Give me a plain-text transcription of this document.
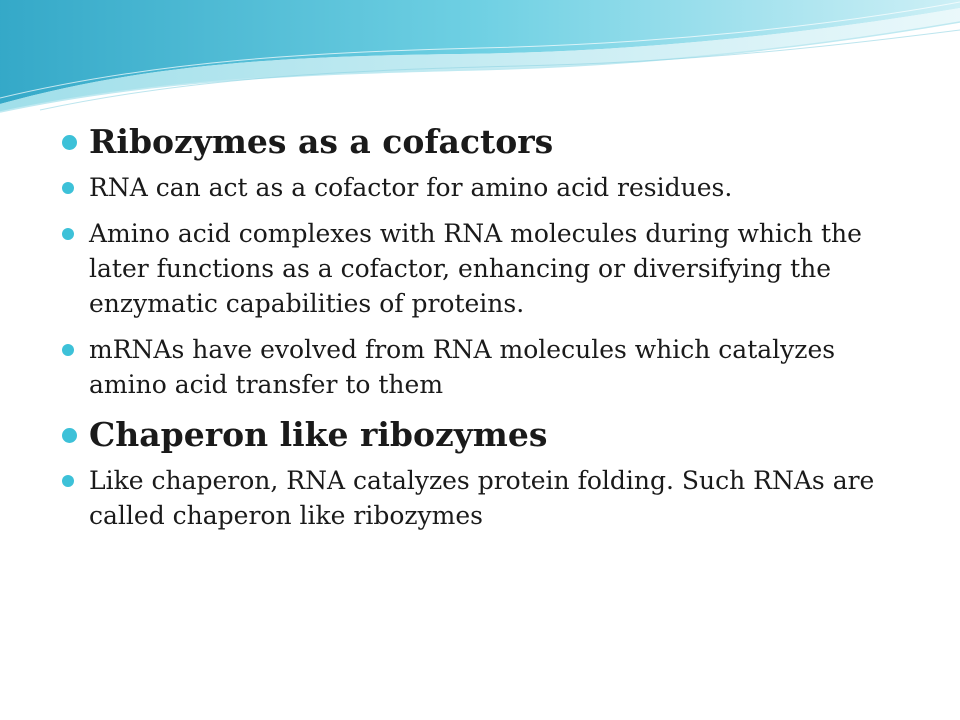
Ribozymes as a cofactors
RNA can act as a cofactor for amino acid residues.
Amino acid complexes with RNA molecules during which the later functions as a cofactor, enhancing or diversifying the enzymatic capabilities of proteins.
mRNAs have evolved from RNA molecules which catalyzes amino acid transfer to them
Chaperon like ribozymes
Like chaperon, RNA catalyzes protein folding. Such RNAs are called chaperon like ribozymes
